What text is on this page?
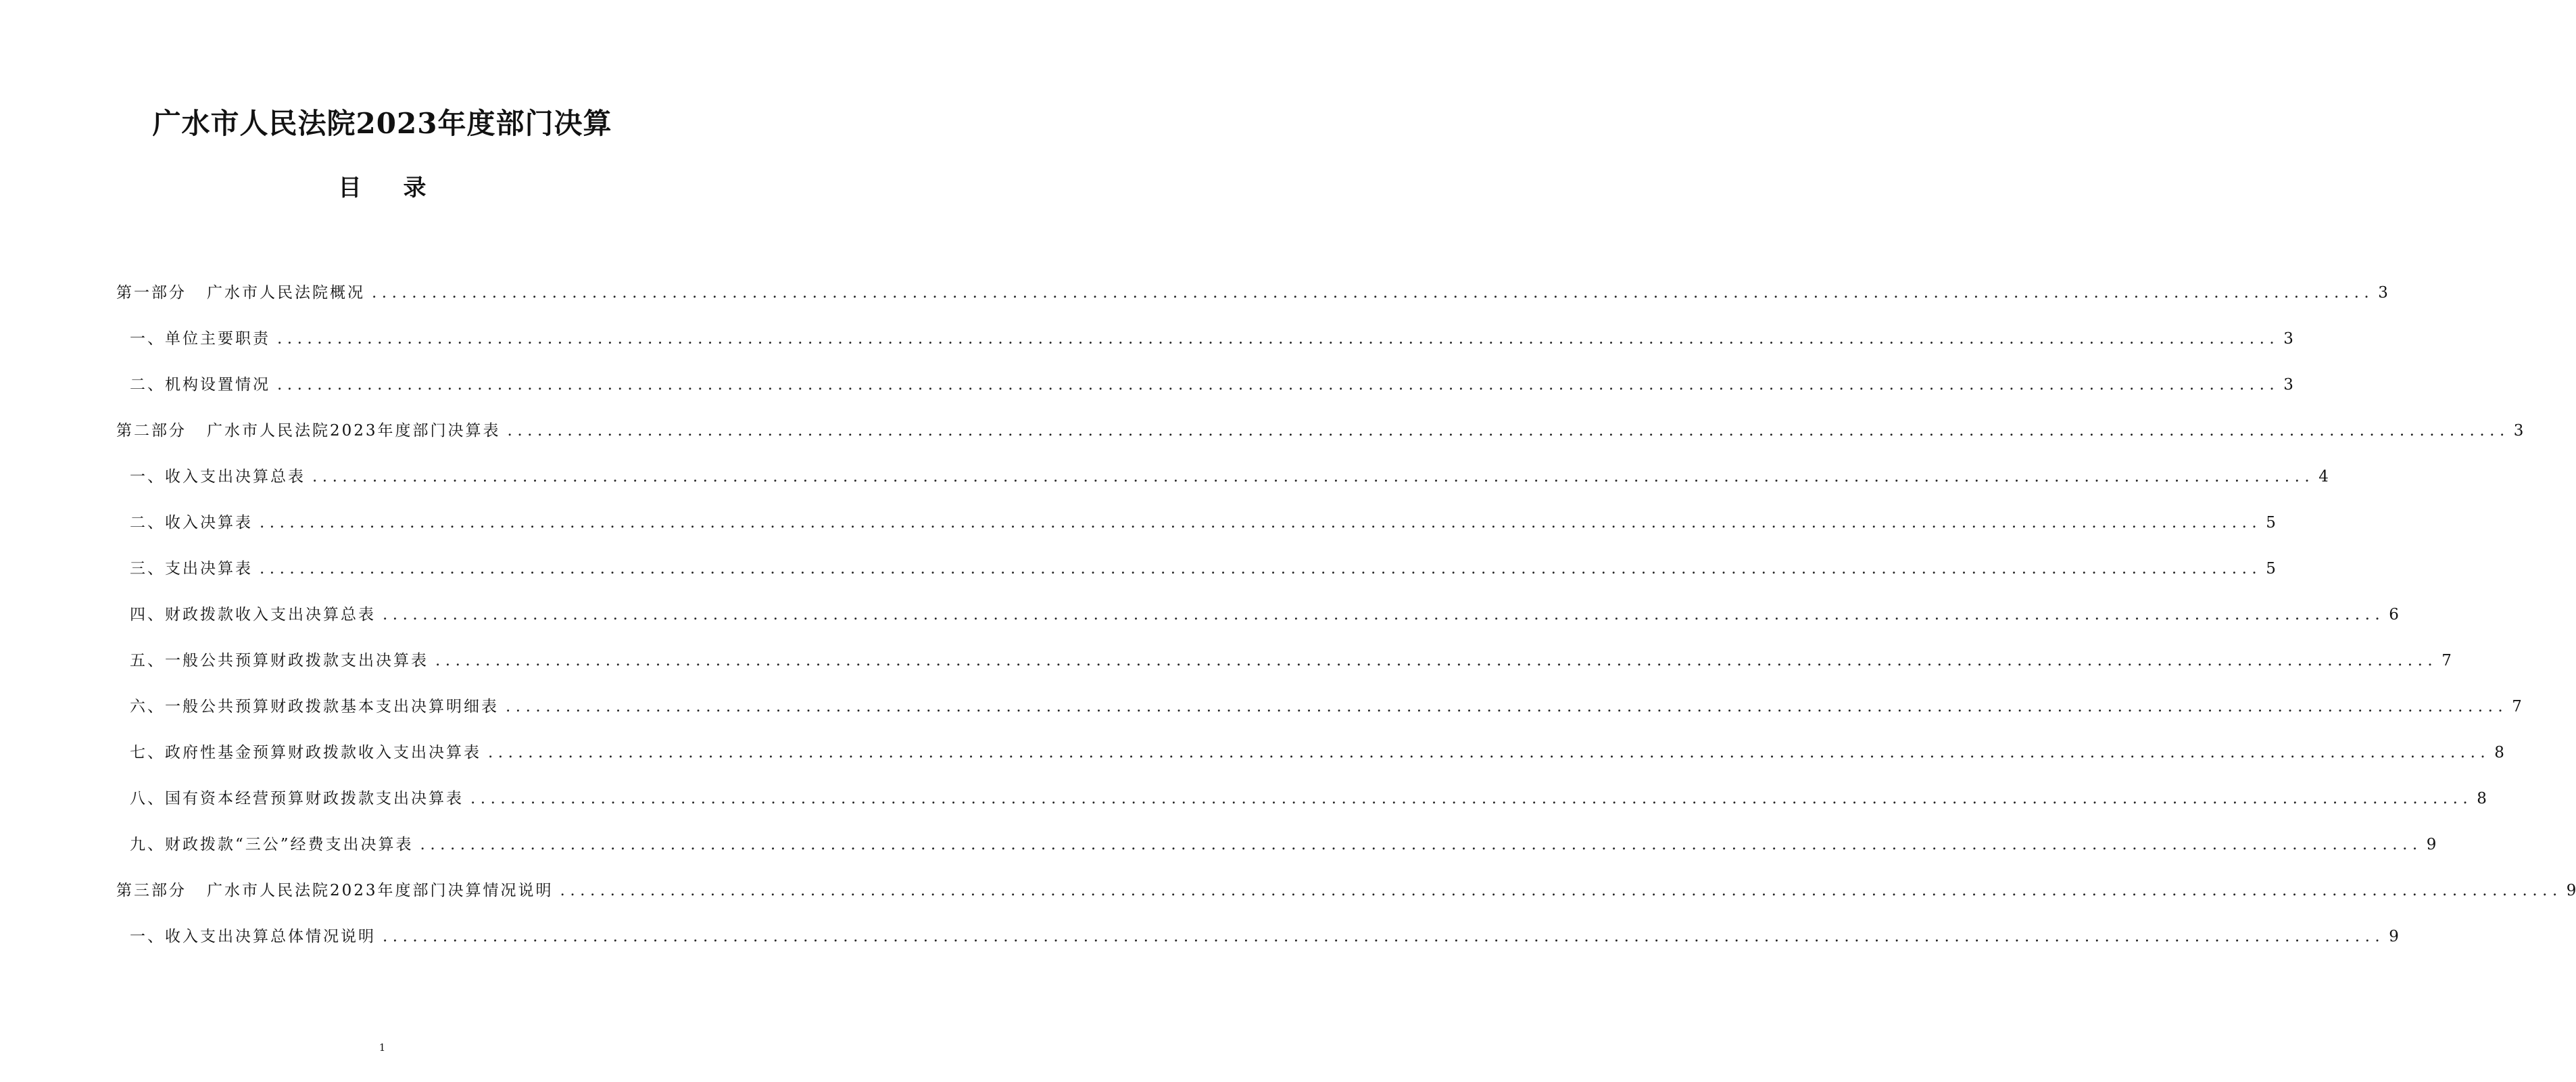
广水市人民法院2023年度部门决算
目 录
第一部分 广水市人民法院概况 ........................................................................................................................................................................................................ 3
一、单位主要职责 ........................................................................................................................................................................................................ 3
二、机构设置情况 ........................................................................................................................................................................................................ 3
第二部分 广水市人民法院2023年度部门决算表 ........................................................................................................................................................................................................ 3
一、收入支出决算总表 ........................................................................................................................................................................................................ 4
二、收入决算表 ........................................................................................................................................................................................................ 5
三、支出决算表 ........................................................................................................................................................................................................ 5
四、财政拨款收入支出决算总表 ........................................................................................................................................................................................................ 6
五、一般公共预算财政拨款支出决算表 ........................................................................................................................................................................................................ 7
六、一般公共预算财政拨款基本支出决算明细表 ........................................................................................................................................................................................................ 7
七、政府性基金预算财政拨款收入支出决算表 ........................................................................................................................................................................................................ 8
八、国有资本经营预算财政拨款支出决算表 ........................................................................................................................................................................................................ 8
九、财政拨款“三公”经费支出决算表 ........................................................................................................................................................................................................ 9
第三部分 广水市人民法院2023年度部门决算情况说明 ........................................................................................................................................................................................................ 9
一、收入支出决算总体情况说明 ........................................................................................................................................................................................................ 9
1
